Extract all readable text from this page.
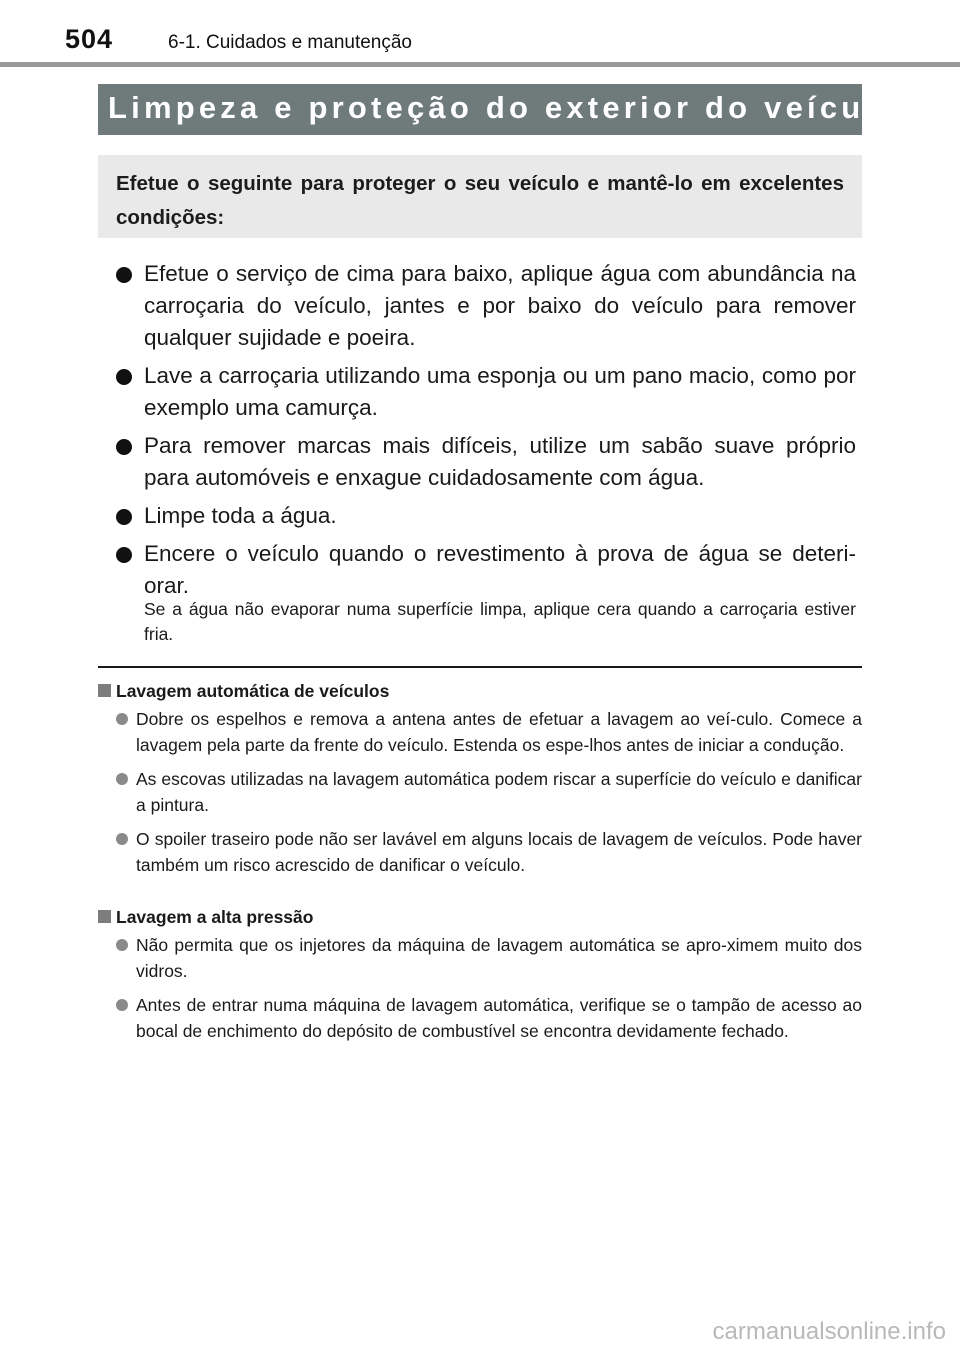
504	6-1. Cuidados e manutenção
Limpeza e proteção do exterior do veículo
Efetue o seguinte para proteger o seu veículo e mantê-lo em excelentes condições:
Efetue o serviço de cima para baixo, aplique água com abundância na carroçaria do veículo, jantes e por baixo do veículo para remover qualquer sujidade e poeira.
Lave a carroçaria utilizando uma esponja ou um pano macio, como por exemplo uma camurça.
Para remover marcas mais difíceis, utilize um sabão suave próprio para automóveis e enxague cuidadosamente com água.
Limpe toda a água.
Encere o veículo quando o revestimento à prova de água se deteri-orar.
Se a água não evaporar numa superfície limpa, aplique cera quando a carroçaria estiver fria.
Lavagem automática de veículos
Dobre os espelhos e remova a antena antes de efetuar a lavagem ao veí-culo. Comece a lavagem pela parte da frente do veículo. Estenda os espe-lhos antes de iniciar a condução.
As escovas utilizadas na lavagem automática podem riscar a superfície do veículo e danificar a pintura.
O spoiler traseiro pode não ser lavável em alguns locais de lavagem de veículos. Pode haver também um risco acrescido de danificar o veículo.
Lavagem a alta pressão
Não permita que os injetores da máquina de lavagem automática se apro-ximem muito dos vidros.
Antes de entrar numa máquina de lavagem automática, verifique se o tampão de acesso ao bocal de enchimento do depósito de combustível se encontra devidamente fechado.
carmanualsonline.info
